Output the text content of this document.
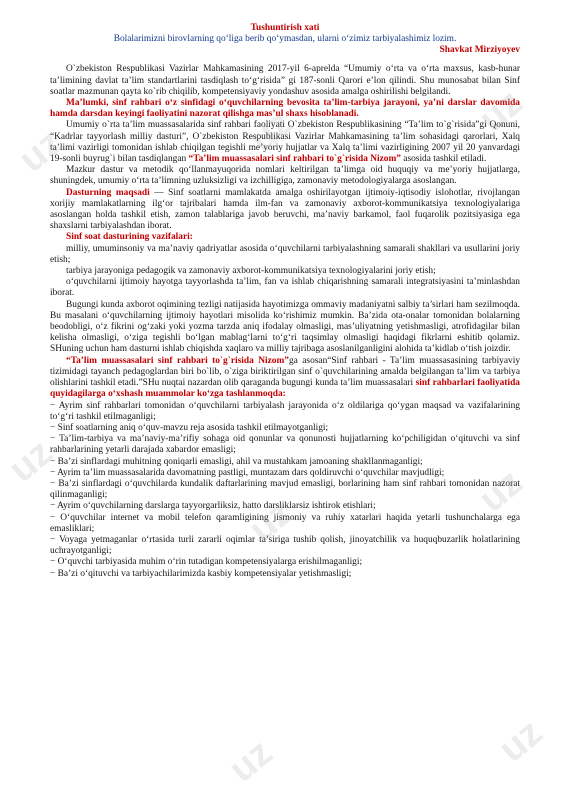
Tushuntirish xati
Bolalarimizni birovlarning qo‘liga berib qo‘ymasdan, ularni o‘zimiz tarbiyalashimiz lozim.
Shavkat Mirziyoyev

O`zbekiston Respublikasi Vazirlar Mahkamasining 2017-yil 6-aprelda “Umumiy o‘rta va o‘rta maxsus, kasb-hunar ta’limining davlat ta’lim standartlarini tasdiqlash to‘g‘risida” gi 187-sonli Qarori e’lon qilindi. Shu munosabat bilan Sinf soatlar mazmunan qayta ko`rib chiqilib, kompetensiyaviy yondashuv asosida amalga oshirilishi belgilandi.

Ma’lumki, sinf rahbari o‘z sinfidagi o‘quvchilarning bevosita ta’lim-tarbiya jarayoni, ya’ni darslar davomida hamda darsdan keyingi faoliyatini nazorat qilishga mas’ul shaxs hisoblanadi.

Umumiy o`rta ta’lim muassasalarida sinf rahbari faoliyati O`zbekiston Respublikasining “Ta’lim to`g`risida”gi Qonuni, “Kadrlar tayyorlash milliy dasturi”, O`zbekiston Respublikasi Vazirlar Mahkamasining ta’lim sohasidagi qarorlari, Xalq ta’limi vazirligi tomonidan ishlab chiqilgan tegishli me’yoriy hujjatlar va Xalq ta’limi vazirligining 2007 yil 20 yanvardagi 19-sonli buyrug`i bilan tasdiqlangan “Ta’lim muassasalari sinf rahbari to`g`risida Nizom” asosida tashkil etiladi.

Mazkur dastur va metodik qo‘llanmayuqorida nomlari keltirilgan ta’limga oid huquqiy va me’yoriy hujjatlarga, shuningdek, umumiy o‘rta ta’limning uzluksizligi va izchilligiga, zamonaviy metodologiyalarga asoslangan.

Dasturning maqsadi — Sinf soatlarni mamlakatda amalga oshirilayotgan ijtimoiy-iqtisodiy islohotlar, rivojlangan xorijiy mamlakatlarning ilg‘or tajribalari hamda ilm-fan va zamonaviy axborot-kommunikatsiya texnologiyalariga asoslangan holda tashkil etish, zamon talablariga javob beruvchi, ma’naviy barkamol, faol fuqarolik pozitsiyasiga ega shaxslarni tarbiyalashdan iborat.

Sinf soat dasturining vazifalari:

milliy, umuminsoniy va ma’naviy qadriyatlar asosida o‘quvchilarni tarbiyalashning samarali shakllari va usullarini joriy etish;

tarbiya jarayoniga pedagogik va zamonaviy axborot-kommunikatsiya texnologiyalarini joriy etish;

o‘quvchilarni ijtimoiy hayotga tayyorlashda ta’lim, fan va ishlab chiqarishning samarali integratsiyasini ta’minlashdan iborat.

Bugungi kunda axborot oqimining tezligi natijasida hayotimizga ommaviy madaniyatni salbiy ta’sirlari ham sezilmoqda. Bu masalani o‘quvchilarning ijtimoiy hayotlari misolida ko‘rishimiz mumkin. Ba’zida ota-onalar tomonidan bolalarning beodobligi, o‘z fikrini og‘zaki yoki yozma tarzda aniq ifodalay olmasligi, mas’uliyatning yetishmasligi, atrofidagilar bilan kelisha olmasligi, o‘ziga tegishli bo‘lgan mablag‘larni to‘g‘ri taqsimlay olmasligi haqidagi fikrlarni eshitib qolamiz. SHuning uchun ham dasturni ishlab chiqishda xaqlaro va milliy tajribaga asoslanilganligini alohida ta’kidlab o‘tish joizdir.

“Ta’lim muassasalari sinf rahbari to`g`risida Nizom”ga asosan“Sinf rahbari - Ta’lim muassasasining tarbiyaviy tizimidagi tayanch pedagoglardan biri bo`lib, o`ziga biriktirilgan sinf o`quvchilarining amalda belgilangan ta’lim va tarbiya olishlarini tashkil etadi.”SHu nuqtai nazardan olib qaraganda bugungi kunda ta’lim muassasalari sinf rahbarlari faoliyatida quyidagilarga o‘xshash muammolar ko‘zga tashlanmoqda:

− Ayrim sinf rahbarlari tomonidan o‘quvchilarni tarbiyalash jarayonida o‘z oldilariga qo‘ygan maqsad va vazifalarining to‘g‘ri tashkil etilmaganligi;

− Sinf soatlarning aniq o‘quv-mavzu reja asosida tashkil etilmayotganligi;

− Ta’lim-tarbiya va ma’naviy-ma’rifiy sohaga oid qonunlar va qonunosti hujjatlarning ko‘pchiligidan o‘qituvchi va sinf rahbarlarining yetarli darajada xabardor emasligi;

− Ba’zi sinflardagi muhitning qoniqarli emasligi, ahil va mustahkam jamoaning shakllanmaganligi;

− Ayrim ta’lim muassasalarida davomatning pastligi, muntazam dars qoldiruvchi o‘quvchilar mavjudligi;

− Ba’zi sinflardagi o‘quvchilarda kundalik daftarlarining mavjud emasligi, borlarining ham sinf rahbari tomonidan nazorat qilinmaganligi;

− Ayrim o‘quvchilarning darslarga tayyorgarliksiz, hatto darsliklarsiz ishtirok etishlari;

− O‘quvchilar internet va mobil telefon qaramligining jismoniy va ruhiy xatarlari haqida yetarli tushunchalarga ega emasliklari;

− Voyaga yetmaganlar o‘rtasida turli zararli oqimlar ta’siriga tushib qolish, jinoyatchilik va huquqbuzarlik holatlarining uchrayotganligi;

− O‘quvchi tarbiyasida muhim o‘rin tutadigan kompetensiyalarga erishilmaganligi;

− Ba’zi o‘qituvchi va tarbiyachilarimizda kasbiy kompetensiyalar yetishmasligi;

uz	uz	uz
uz
uz
uz
uz	uz
